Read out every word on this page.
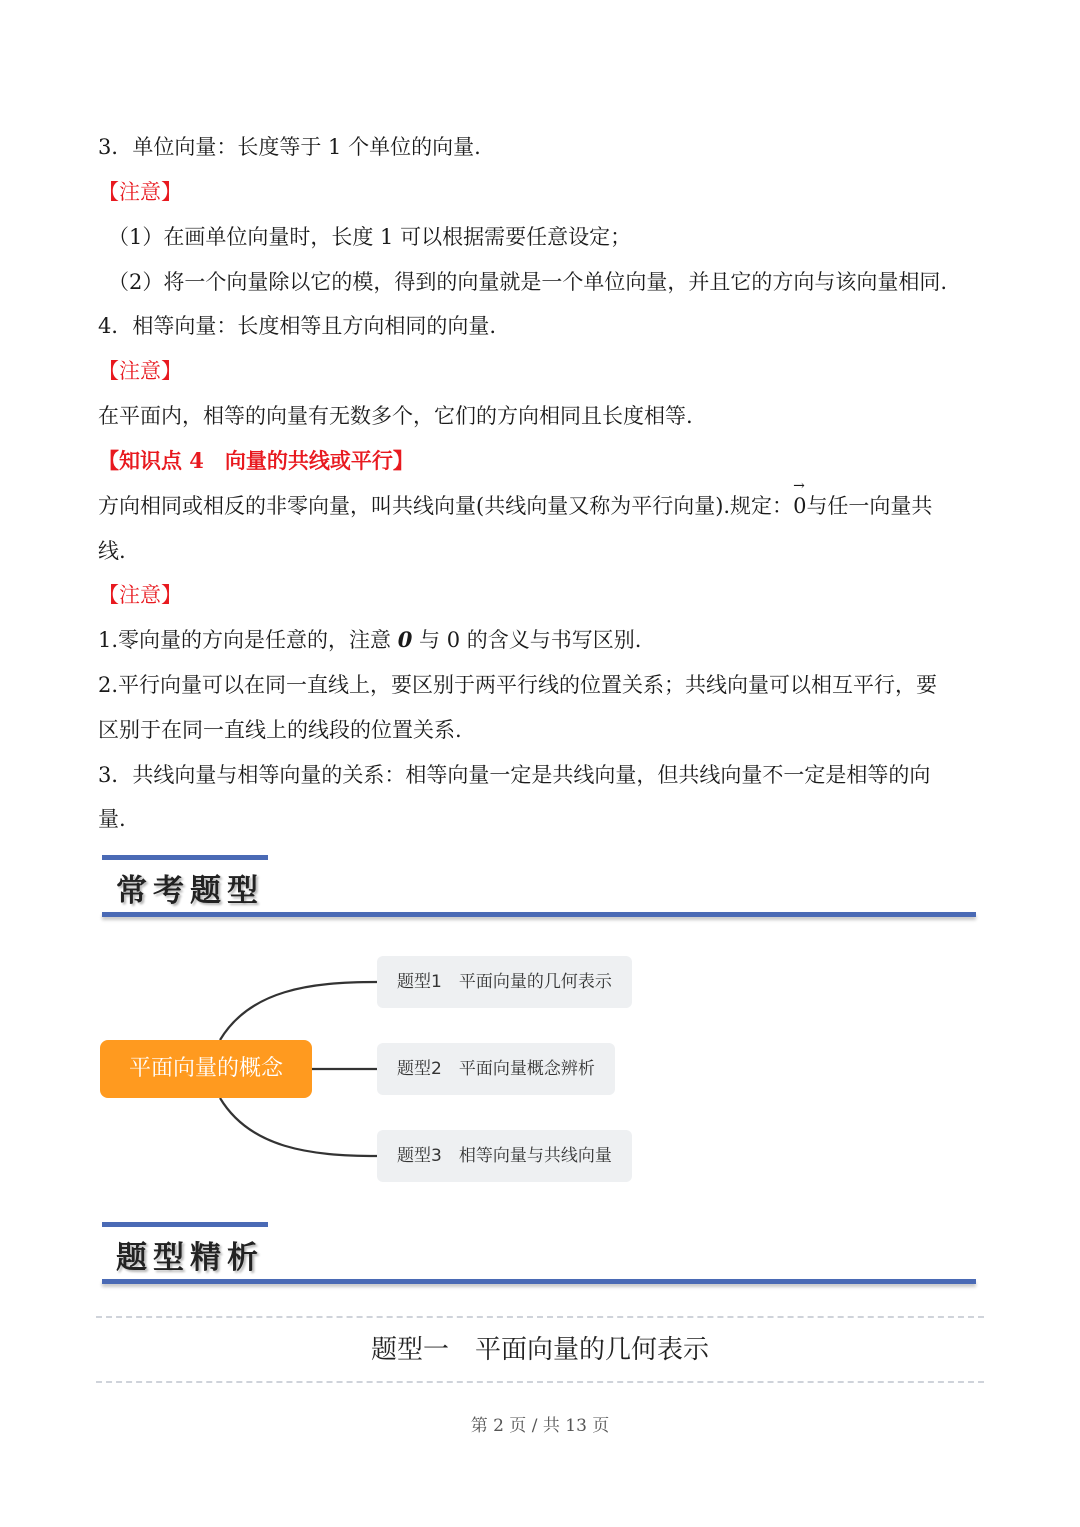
3．单位向量：长度等于 1 个单位的向量.
【注意】
（1）在画单位向量时，长度 1 可以根据需要任意设定；
（2）将一个向量除以它的模，得到的向量就是一个单位向量，并且它的方向与该向量相同.
4．相等向量：长度相等且方向相同的向量.
【注意】
在平面内，相等的向量有无数多个，它们的方向相同且长度相等.
【知识点 4　向量的共线或平行】
方向相同或相反的非零向量，叫共线向量(共线向量又称为平行向量).规定：
→
0与任一向量共
线.
【注意】
1.零向量的方向是任意的，注意 0 与 0 的含义与书写区别.
2.平行向量可以在同一直线上，要区别于两平行线的位置关系；共线向量可以相互平行，要
区别于在同一直线上的线段的位置关系.
3．共线向量与相等向量的关系：相等向量一定是共线向量，但共线向量不一定是相等的向
量.
常考题型
平面向量的概念
题型1　平面向量的几何表示
题型2　平面向量概念辨析
题型3　相等向量与共线向量
题型精析
题型一　平面向量的几何表示
第 2 页 / 共 13 页
